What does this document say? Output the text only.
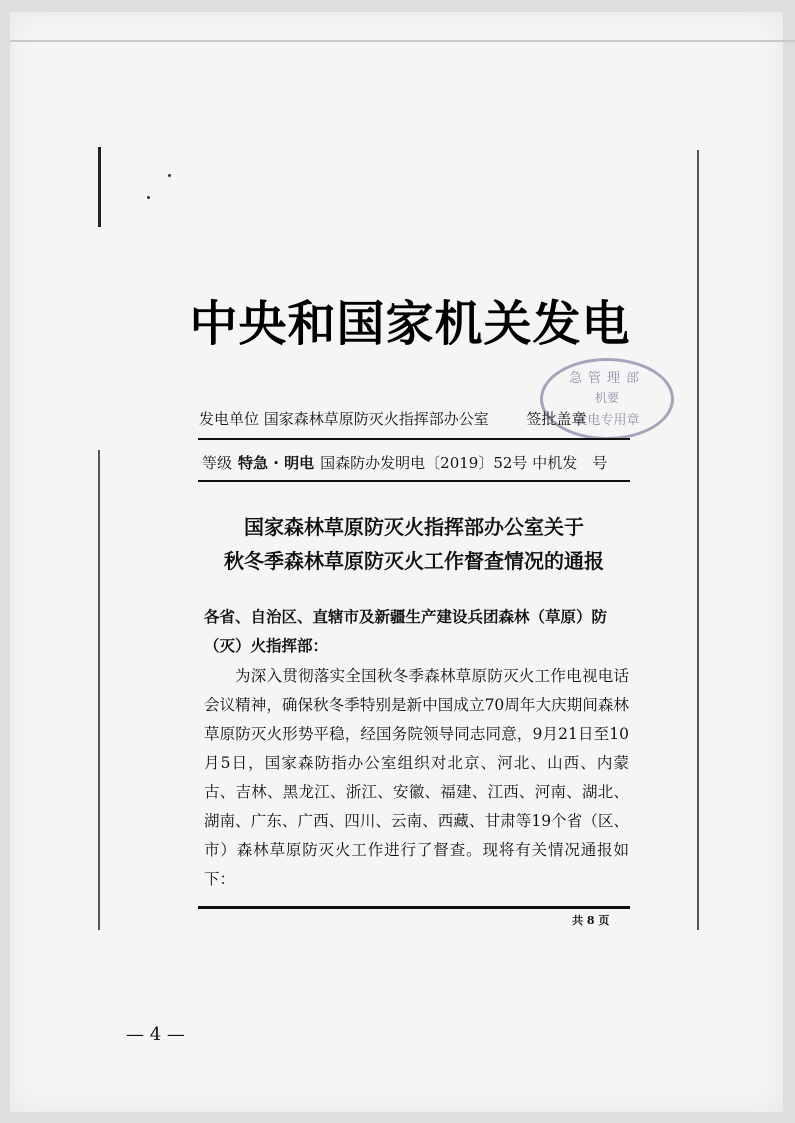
中央和国家机关发电
急管理部
机要
发电专用章
发电单位 国家森林草原防灭火指挥部办公室	签批盖章
等级 特急 · 明电 国森防办发明电〔2019〕52号 中机发　号
国家森林草原防灭火指挥部办公室关于
秋冬季森林草原防灭火工作督查情况的通报
各省、自治区、直辖市及新疆生产建设兵团森林（草原）防（灭）火指挥部：
为深入贯彻落实全国秋冬季森林草原防灭火工作电视电话会议精神，确保秋冬季特别是新中国成立70周年大庆期间森林草原防灭火形势平稳，经国务院领导同志同意，9月21日至10月5日，国家森防指办公室组织对北京、河北、山西、内蒙古、吉林、黑龙江、浙江、安徽、福建、江西、河南、湖北、湖南、广东、广西、四川、云南、西藏、甘肃等19个省（区、市）森林草原防灭火工作进行了督查。现将有关情况通报如下：
共 8 页
— 4 —
